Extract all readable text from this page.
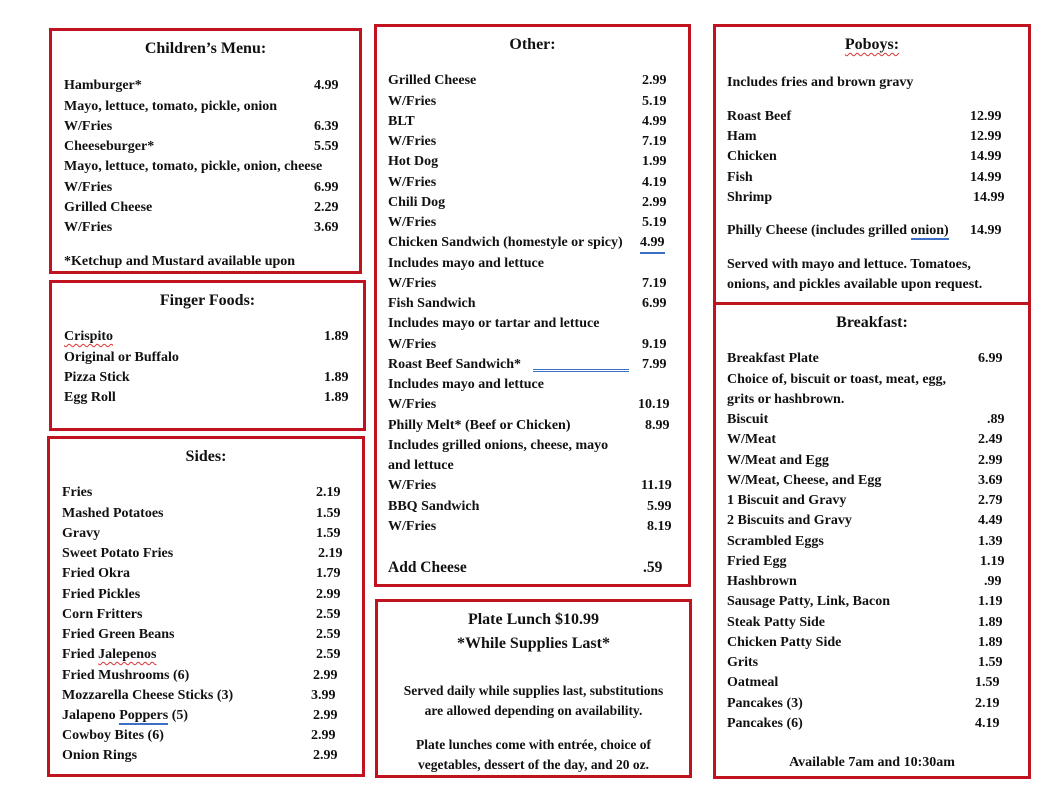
Children’s Menu:
Hamburger*	4.99
Mayo, lettuce, tomato, pickle, onion
W/Fries	6.39
Cheeseburger*	5.59
Mayo, lettuce, tomato, pickle, onion, cheese
W/Fries	6.99
Grilled Cheese	2.29
W/Fries	3.69
*Ketchup and Mustard available upon
Finger Foods:
Crispito	1.89
Original or Buffalo
Pizza Stick	1.89
Egg Roll	1.89
Sides:
Fries	2.19
Mashed Potatoes	1.59
Gravy	1.59
Sweet Potato Fries	2.19
Fried Okra	1.79
Fried Pickles	2.99
Corn Fritters	2.59
Fried Green Beans	2.59
Fried Jalepenos	2.59
Fried Mushrooms (6)	2.99
Mozzarella Cheese Sticks (3)	3.99
Jalapeno Poppers (5)	2.99
Cowboy Bites (6)	2.99
Onion Rings	2.99
Other:
Grilled Cheese	2.99
W/Fries	5.19
BLT	4.99
W/Fries	7.19
Hot Dog	1.99
W/Fries	4.19
Chili Dog	2.99
W/Fries	5.19
Chicken Sandwich (homestyle or spicy) 4.99
Includes mayo and lettuce
W/Fries	7.19
Fish Sandwich	6.99
Includes mayo or tartar and lettuce
W/Fries	9.19
Roast Beef Sandwich*	7.99
Includes mayo and lettuce
W/Fries	10.19
Philly Melt* (Beef or Chicken)	8.99
Includes grilled onions, cheese, mayo
and lettuce
W/Fries	11.19
BBQ Sandwich	5.99
W/Fries	8.19
Add Cheese	.59
Plate Lunch $10.99
*While Supplies Last*
Served daily while supplies last, substitutions
are allowed depending on availability.
Plate lunches come with entrée, choice of
vegetables, dessert of the day, and 20 oz.
Poboys:
Includes fries and brown gravy
Roast Beef	12.99
Ham	12.99
Chicken	14.99
Fish	14.99
Shrimp	14.99
Philly Cheese (includes grilled onion) 14.99
Served with mayo and lettuce. Tomatoes,
onions, and pickles available upon request.
Breakfast:
Breakfast Plate	6.99
Choice of, biscuit or toast, meat, egg,
grits or hashbrown.
Biscuit	.89
W/Meat	2.49
W/Meat and Egg	2.99
W/Meat, Cheese, and Egg	3.69
1 Biscuit and Gravy	2.79
2 Biscuits and Gravy	4.49
Scrambled Eggs	1.39
Fried Egg	1.19
Hashbrown	.99
Sausage Patty, Link, Bacon	1.19
Steak Patty Side	1.89
Chicken Patty Side	1.89
Grits	1.59
Oatmeal	1.59
Pancakes (3)	2.19
Pancakes (6)	4.19
Available 7am and 10:30am
